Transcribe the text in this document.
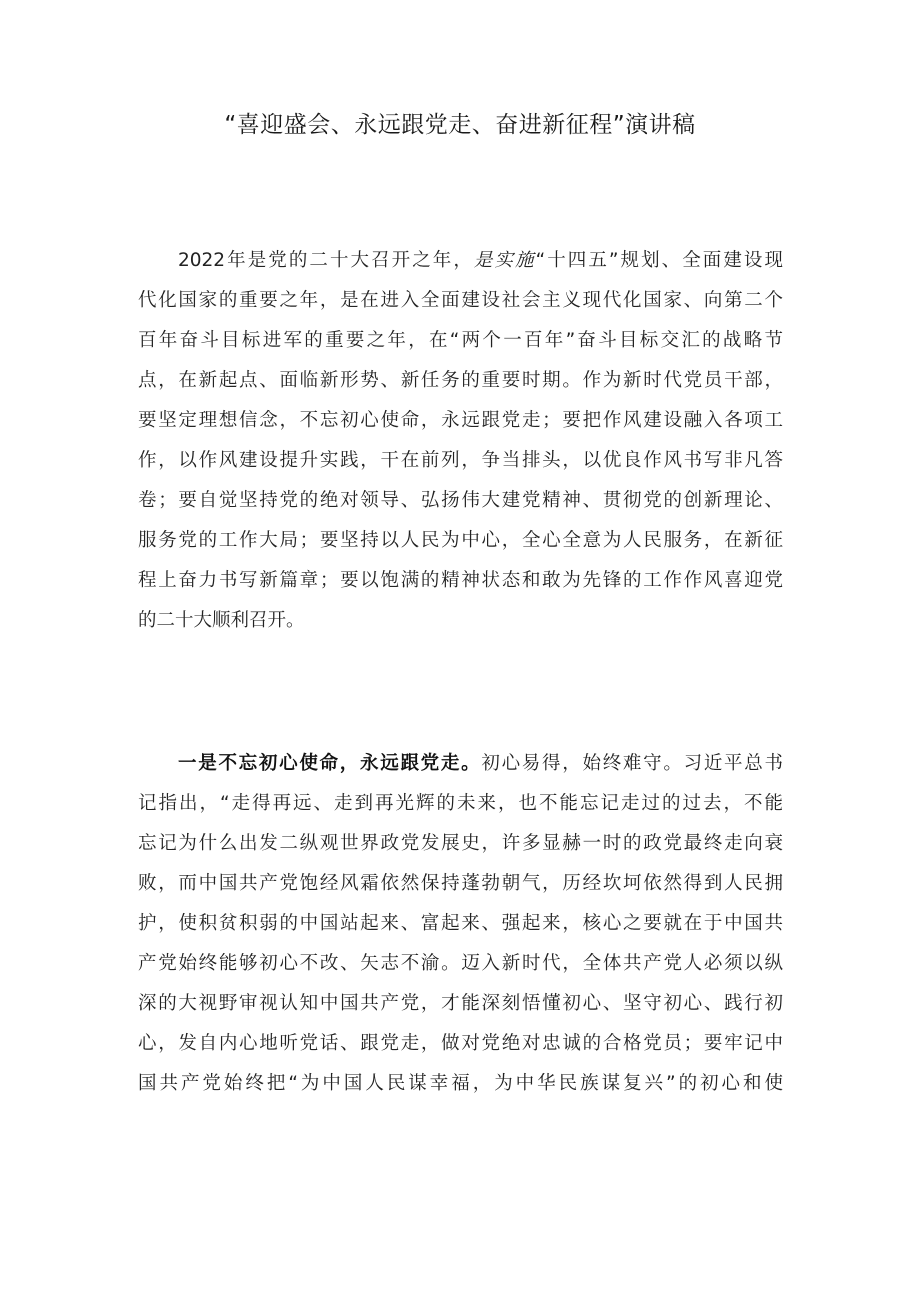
“喜迎盛会、永远跟党走、奋进新征程”演讲稿
2022年是党的二十大召开之年，是实施“十四五”规划、全面建设现
代化国家的重要之年，是在进入全面建设社会主义现代化国家、向第二个
百年奋斗目标进军的重要之年，在“两个一百年”奋斗目标交汇的战略节
点，在新起点、面临新形势、新任务的重要时期。作为新时代党员干部，
要坚定理想信念，不忘初心使命，永远跟党走；要把作风建设融入各项工
作，以作风建设提升实践，干在前列，争当排头，以优良作风书写非凡答
卷；要自觉坚持党的绝对领导、弘扬伟大建党精神、贯彻党的创新理论、
服务党的工作大局；要坚持以人民为中心，全心全意为人民服务，在新征
程上奋力书写新篇章；要以饱满的精神状态和敢为先锋的工作作风喜迎党
的二十大顺利召开。
一是不忘初心使命，永远跟党走。初心易得，始终难守。习近平总书
记指出，“走得再远、走到再光辉的未来，也不能忘记走过的过去，不能
忘记为什么出发二纵观世界政党发展史，许多显赫一时的政党最终走向衰
败，而中国共产党饱经风霜依然保持蓬勃朝气，历经坎坷依然得到人民拥
护，使积贫积弱的中国站起来、富起来、强起来，核心之要就在于中国共
产党始终能够初心不改、矢志不渝。迈入新时代，全体共产党人必须以纵
深的大视野审视认知中国共产党，才能深刻悟懂初心、坚守初心、践行初
心，发自内心地听党话、跟党走，做对党绝对忠诚的合格党员；要牢记中
国共产党始终把“为中国人民谋幸福，为中华民族谋复兴”的初心和使
